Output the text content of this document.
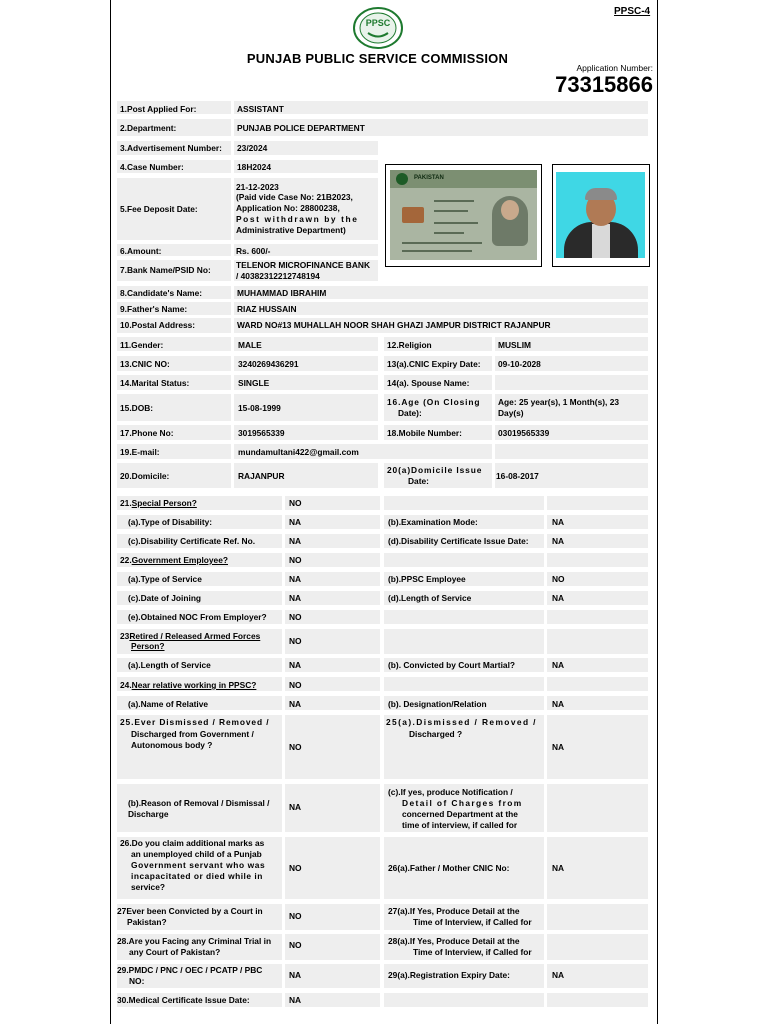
PPSC-4
PPSC
PUNJAB PUBLIC SERVICE COMMISSION
Application Number:
73315866
1.Post Applied For:	ASSISTANT
2.Department:	PUNJAB POLICE DEPARTMENT
3.Advertisement Number: 23/2024
4.Case Number:	18H2024
5.Fee Deposit Date:
21-12-2023
(Paid vide Case No: 21B2023,
Application No: 28800238,
Post withdrawn by the
Administrative Department)
6.Amount:	Rs. 600/-
7.Bank Name/PSID No:	TELENOR MICROFINANCE BANK
/ 40382312212748194
8.Candidate's Name:	MUHAMMAD IBRAHIM
9.Father's Name:	RIAZ HUSSAIN
10.Postal Address:	WARD NO#13 MUHALLAH NOOR SHAH GHAZI JAMPUR DISTRICT RAJANPUR
11.Gender:	MALE	12.Religion	MUSLIM
13.CNIC NO:	3240269436291	13(a).CNIC Expiry Date: 09-10-2028
14.Marital Status:	SINGLE	14(a). Spouse Name:
15.DOB:	15-08-1999
16.Age (On Closing
Date):
Age: 25 year(s), 1 Month(s), 23
Day(s)
17.Phone No:	3019565339	18.Mobile Number:	03019565339
19.E-mail:	mundamultani422@gmail.com
20.Domicile:	RAJANPUR
20(a)Domicile Issue
Date:	16-08-2017
PAKISTAN
21.Special Person?	NO
(a).Type of Disability:	NA	(b).Examination Mode:	NA
(c).Disability Certificate Ref. No.	NA	(d).Disability Certificate Issue Date:	NA
22.Government Employee?	NO
(a).Type of Service	NA	(b).PPSC Employee	NO
(c).Date of Joining	NA	(d).Length of Service	NA
(e).Obtained NOC From Employer?	NO
23Retired / Released Armed Forces
Person?	NO
(a).Length of Service	NA	(b). Convicted by Court Martial?	NA
24.Near relative working in PPSC?	NO
(a).Name of Relative	NA	(b). Designation/Relation	NA
25.Ever Dismissed / Removed /
Discharged from Government /
Autonomous body ?	NO
25(a).Dismissed / Removed /
Discharged ?
NA
(b).Reason of Removal / Dismissal /
Discharge
NA
(c).If yes, produce Notification /
Detail of Charges from
concerned Department at the
time of interview, if called for
26.Do you claim additional marks as
an unemployed child of a Punjab
Government servant who was
incapacitated or died while in
service?
NO	26(a).Father / Mother CNIC No:	NA
27Ever been Convicted by a Court in
Pakistan?
NO	27(a).If Yes, Produce Detail at the
Time of Interview, if Called for
28.Are you Facing any Criminal Trial in
any Court of Pakistan?
NO	28(a).If Yes, Produce Detail at the
Time of Interview, if Called for
29.PMDC / PNC / OEC / PCATP / PBC
NO:
NA	29(a).Registration Expiry Date:	NA
30.Medical Certificate Issue Date:	NA
